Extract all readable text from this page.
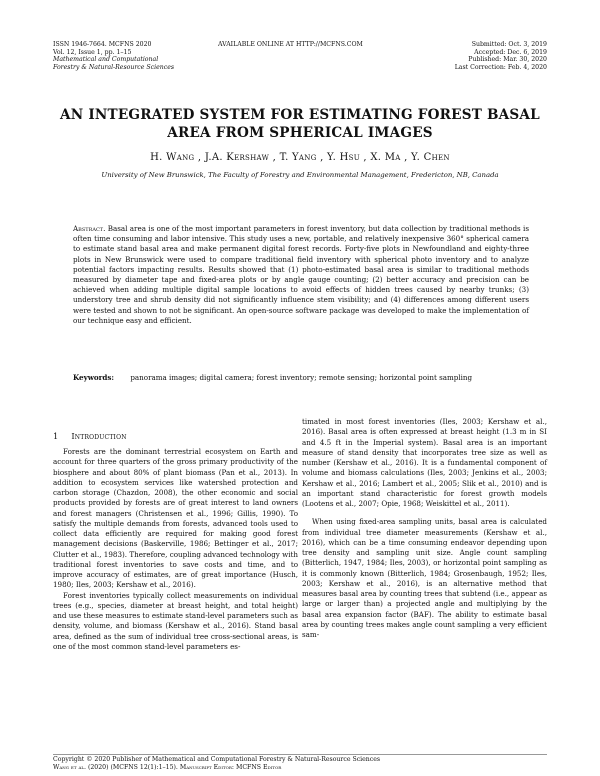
ISSN 1946-7664. MCFNS 2020
Vol. 12, Issue 1, pp. 1–15
Mathematical and Computational
Forestry & Natural-Resource Sciences
AVAILABLE ONLINE AT HTTP://MCFNS.COM	Submitted: Oct. 3, 2019
Accepted: Dec. 6, 2019
Published: Mar. 30, 2020
Last Correction: Feb. 4, 2020
AN INTEGRATED SYSTEM FOR ESTIMATING FOREST BASAL AREA FROM SPHERICAL IMAGES
H. Wang , J.A. Kershaw , T. Yang , Y. Hsu , X. Ma , Y. Chen
University of New Brunswick, The Faculty of Forestry and Environmental Management, Fredericton, NB, Canada
Abstract. Basal area is one of the most important parameters in forest inventory, but data collection by traditional methods is often time consuming and labor intensive. This study uses a new, portable, and relatively inexpensive 360° spherical camera to estimate stand basal area and make permanent digital forest records. Forty-five plots in Newfoundland and eighty-three plots in New Brunswick were used to compare traditional field inventory with spherical photo inventory and to analyze potential factors impacting results. Results showed that (1) photo-estimated basal area is similar to traditional methods measured by diameter tape and fixed-area plots or by angle gauge counting; (2) better accuracy and precision can be achieved when adding multiple digital sample locations to avoid effects of hidden trees caused by nearby trunks; (3) understory tree and shrub density did not significantly influence stem visibility; and (4) differences among different users were tested and shown to not be significant. An open-source software package was developed to make the implementation of our technique easy and efficient.
Keywords: panorama images; digital camera; forest inventory; remote sensing; horizontal point sampling
1 Introduction

Forests are the dominant terrestrial ecosystem on Earth and account for three quarters of the gross primary productivity of the biosphere and about 80% of plant biomass (Pan et al., 2013). In addition to ecosystem services like watershed protection and carbon storage (Chazdon, 2008), the other economic and social products provided by forests are of great interest to land owners and forest managers (Christensen et al., 1996; Gillis, 1990). To satisfy the multiple demands from forests, advanced tools used to collect data efficiently are required for making good forest management decisions (Baskerville, 1986; Bettinger et al., 2017; Clutter et al., 1983). Therefore, coupling advanced technology with traditional forest inventories to save costs and time, and to improve accuracy of estimates, are of great importance (Husch, 1980; Iles, 2003; Kershaw et al., 2016).

Forest inventories typically collect measurements on individual trees (e.g., species, diameter at breast height, and total height) and use these measures to estimate stand-level parameters such as density, volume, and biomass (Kershaw et al., 2016). Stand basal area, defined as the sum of individual tree cross-sectional areas, is one of the most common stand-level parameters es-

timated in most forest inventories (Iles, 2003; Kershaw et al., 2016). Basal area is often expressed at breast height (1.3 m in SI and 4.5 ft in the Imperial system). Basal area is an important measure of stand density that incorporates tree size as well as number (Kershaw et al., 2016). It is a fundamental component of volume and biomass calculations (Iles, 2003; Jenkins et al., 2003; Kershaw et al., 2016; Lambert et al., 2005; Slik et al., 2010) and is an important stand characteristic for forest growth models (Lootens et al., 2007; Opie, 1968; Weiskittel et al., 2011).

When using fixed-area sampling units, basal area is calculated from individual tree diameter measurements (Kershaw et al., 2016), which can be a time consuming endeavor depending upon tree density and sampling unit size. Angle count sampling (Bitterlich, 1947, 1984; Iles, 2003), or horizontal point sampling as it is commonly known (Bitterlich, 1984; Grosenbaugh, 1952; Iles, 2003; Kershaw et al., 2016), is an alternative method that measures basal area by counting trees that subtend (i.e., appear as large or larger than) a projected angle and multiplying by the basal area expansion factor (BAF). The ability to estimate basal area by counting trees makes angle count sampling a very efficient sam-

Copyright © 2020 Publisher of Mathematical and Computational Forestry & Natural-Resource Sciences
Wang et al. (2020) (MCFNS 12(1):1–15). Manuscript Editor: MCFNS Editor
